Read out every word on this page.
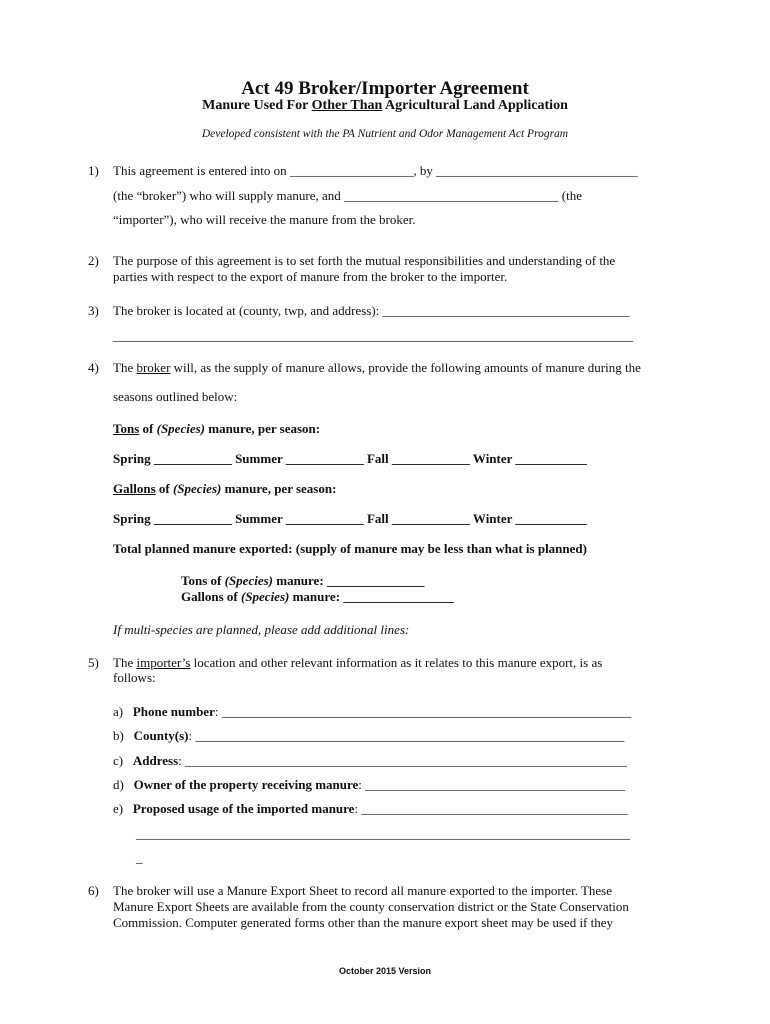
Act 49 Broker/Importer Agreement
Manure Used For Other Than Agricultural Land Application
Developed consistent with the PA Nutrient and Odor Management Act Program
1) This agreement is entered into on ___________________, by _______________________________
(the “broker”) who will supply manure, and _________________________________ (the
“importer”), who will receive the manure from the broker.
2) The purpose of this agreement is to set forth the mutual responsibilities and understanding of the
parties with respect to the export of manure from the broker to the importer.
3) The broker is located at (county, twp, and address): ______________________________________
________________________________________________________________________________
4) The broker will, as the supply of manure allows, provide the following amounts of manure during the
seasons outlined below:
Tons of (Species) manure, per season:
Spring ____________ Summer ____________ Fall ____________ Winter ___________
Gallons of (Species) manure, per season:
Spring ____________ Summer ____________ Fall ____________ Winter ___________
Total planned manure exported: (supply of manure may be less than what is planned)
Tons of (Species) manure: _______________
Gallons of (Species) manure: _________________
If multi-species are planned, please add additional lines:
5) The importer’s location and other relevant information as it relates to this manure export, is as
follows:
a) Phone number: _______________________________________________________________
b) County(s): __________________________________________________________________
c) Address: ____________________________________________________________________
d) Owner of the property receiving manure: ________________________________________
e) Proposed usage of the imported manure: _________________________________________
____________________________________________________________________________
_
6) The broker will use a Manure Export Sheet to record all manure exported to the importer. These
Manure Export Sheets are available from the county conservation district or the State Conservation
Commission. Computer generated forms other than the manure export sheet may be used if they
October 2015 Version
